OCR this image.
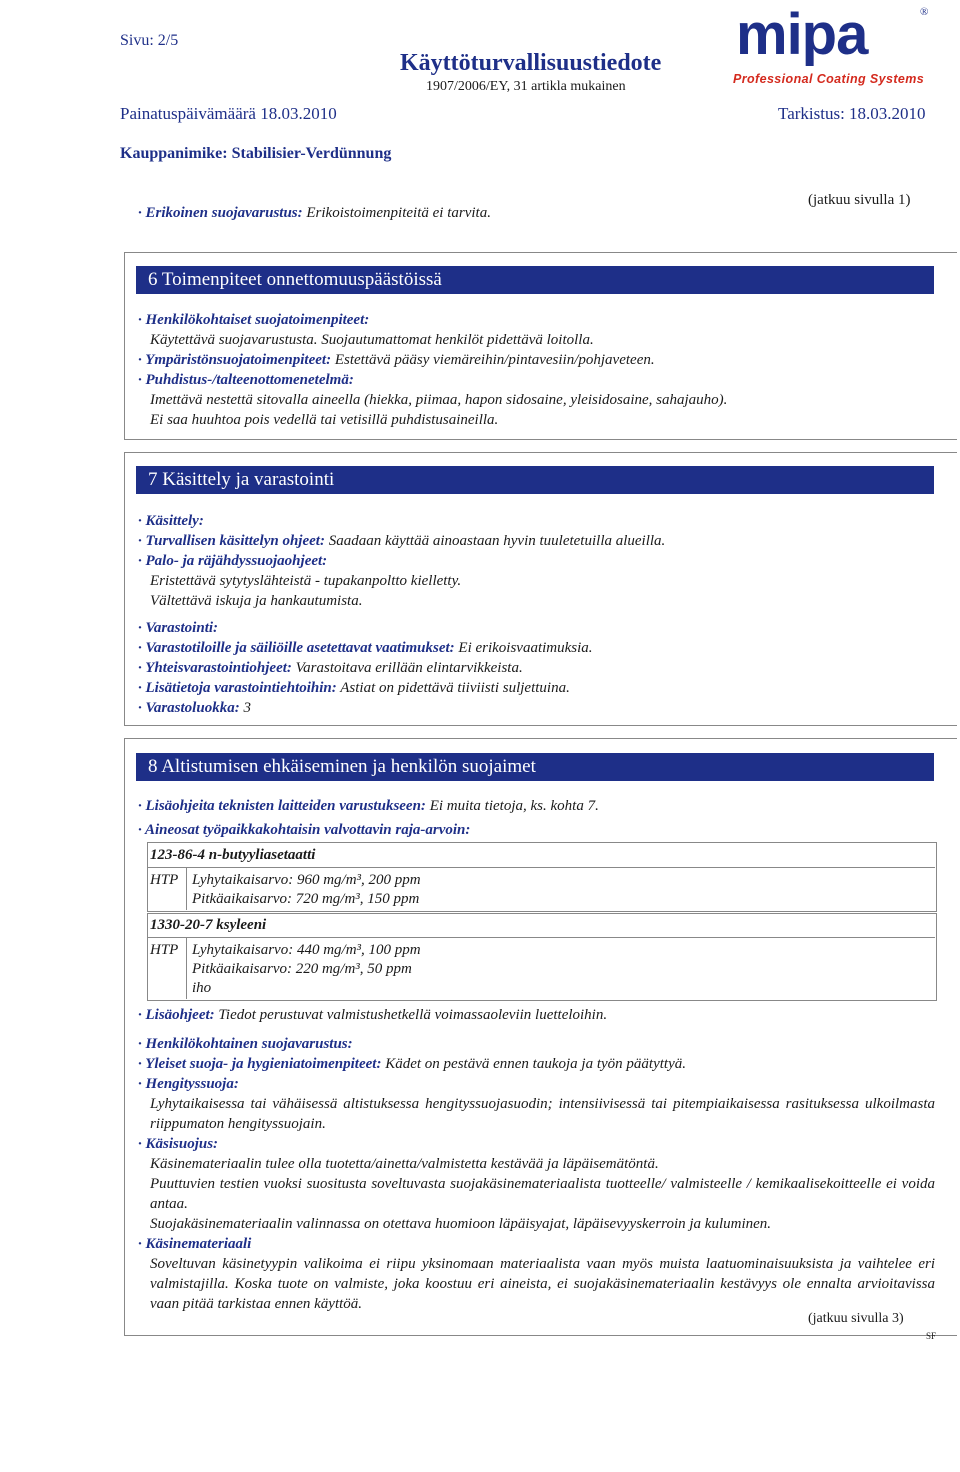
Sivu: 2/5
Käyttöturvallisuustiedote
1907/2006/EY, 31 artikla mukainen
mipa	®
Professional Coating Systems
Painatuspäivämäärä 18.03.2010	Tarkistus: 18.03.2010
Kauppanimike: Stabilisier-Verdünnung
(jatkuu sivulla 1)
· Erikoinen suojavarustus: Erikoistoimenpiteitä ei tarvita.
6 Toimenpiteet onnettomuuspäästöissä
· Henkilökohtaiset suojatoimenpiteet:
Käytettävä suojavarustusta. Suojautumattomat henkilöt pidettävä loitolla.
· Ympäristönsuojatoimenpiteet: Estettävä pääsy viemäreihin/pintavesiin/pohjaveteen.
· Puhdistus-/talteenottomenetelmä:
Imettävä nestettä sitovalla aineella (hiekka, piimaa, hapon sidosaine, yleisidosaine, sahajauho).
Ei saa huuhtoa pois vedellä tai vetisillä puhdistusaineilla.
7 Käsittely ja varastointi
· Käsittely:
· Turvallisen käsittelyn ohjeet: Saadaan käyttää ainoastaan hyvin tuuletetuilla alueilla.
· Palo- ja räjähdyssuojaohjeet:
Eristettävä sytytyslähteistä - tupakanpoltto kielletty.
Vältettävä iskuja ja hankautumista.
· Varastointi:
· Varastotiloille ja säiliöille asetettavat vaatimukset: Ei erikoisvaatimuksia.
· Yhteisvarastointiohjeet: Varastoitava erillään elintarvikkeista.
· Lisätietoja varastointiehtoihin: Astiat on pidettävä tiiviisti suljettuina.
· Varastoluokka: 3
8 Altistumisen ehkäiseminen ja henkilön suojaimet
· Lisäohjeita teknisten laitteiden varustukseen: Ei muita tietoja, ks. kohta 7.
· Aineosat työpaikkakohtaisin valvottavin raja-arvoin:
123-86-4 n-butyyliasetaatti
HTP Lyhytaikaisarvo: 960 mg/m³, 200 ppm
Pitkäaikaisarvo: 720 mg/m³, 150 ppm
1330-20-7 ksyleeni
HTP Lyhytaikaisarvo: 440 mg/m³, 100 ppm
Pitkäaikaisarvo: 220 mg/m³, 50 ppm
iho
· Lisäohjeet: Tiedot perustuvat valmistushetkellä voimassaoleviin luetteloihin.
· Henkilökohtainen suojavarustus:
· Yleiset suoja- ja hygieniatoimenpiteet: Kädet on pestävä ennen taukoja ja työn päätyttyä.
· Hengityssuoja:
Lyhytaikaisessa tai vähäisessä altistuksessa hengityssuojasuodin; intensiivisessä tai pitempiaikaisessa rasituksessa ulkoilmasta riippumaton hengityssuojain.
· Käsisuojus:
Käsinemateriaalin tulee olla tuotetta/ainetta/valmistetta kestävää ja läpäisemätöntä.
Puuttuvien testien vuoksi suositusta soveltuvasta suojakäsinemateriaalista tuotteelle/ valmisteelle / kemikaalisekoitteelle ei voida antaa.
Suojakäsinemateriaalin valinnassa on otettava huomioon läpäisyajat, läpäisevyyskerroin ja kuluminen.
· Käsinemateriaali
Soveltuvan käsinetyypin valikoima ei riipu yksinomaan materiaalista vaan myös muista laatuominaisuuksista ja vaihtelee eri valmistajilla. Koska tuote on valmiste, joka koostuu eri aineista, ei suojakäsinemateriaalin kestävyys ole ennalta arvioitavissa vaan pitää tarkistaa ennen käyttöä.
(jatkuu sivulla 3)
SF
